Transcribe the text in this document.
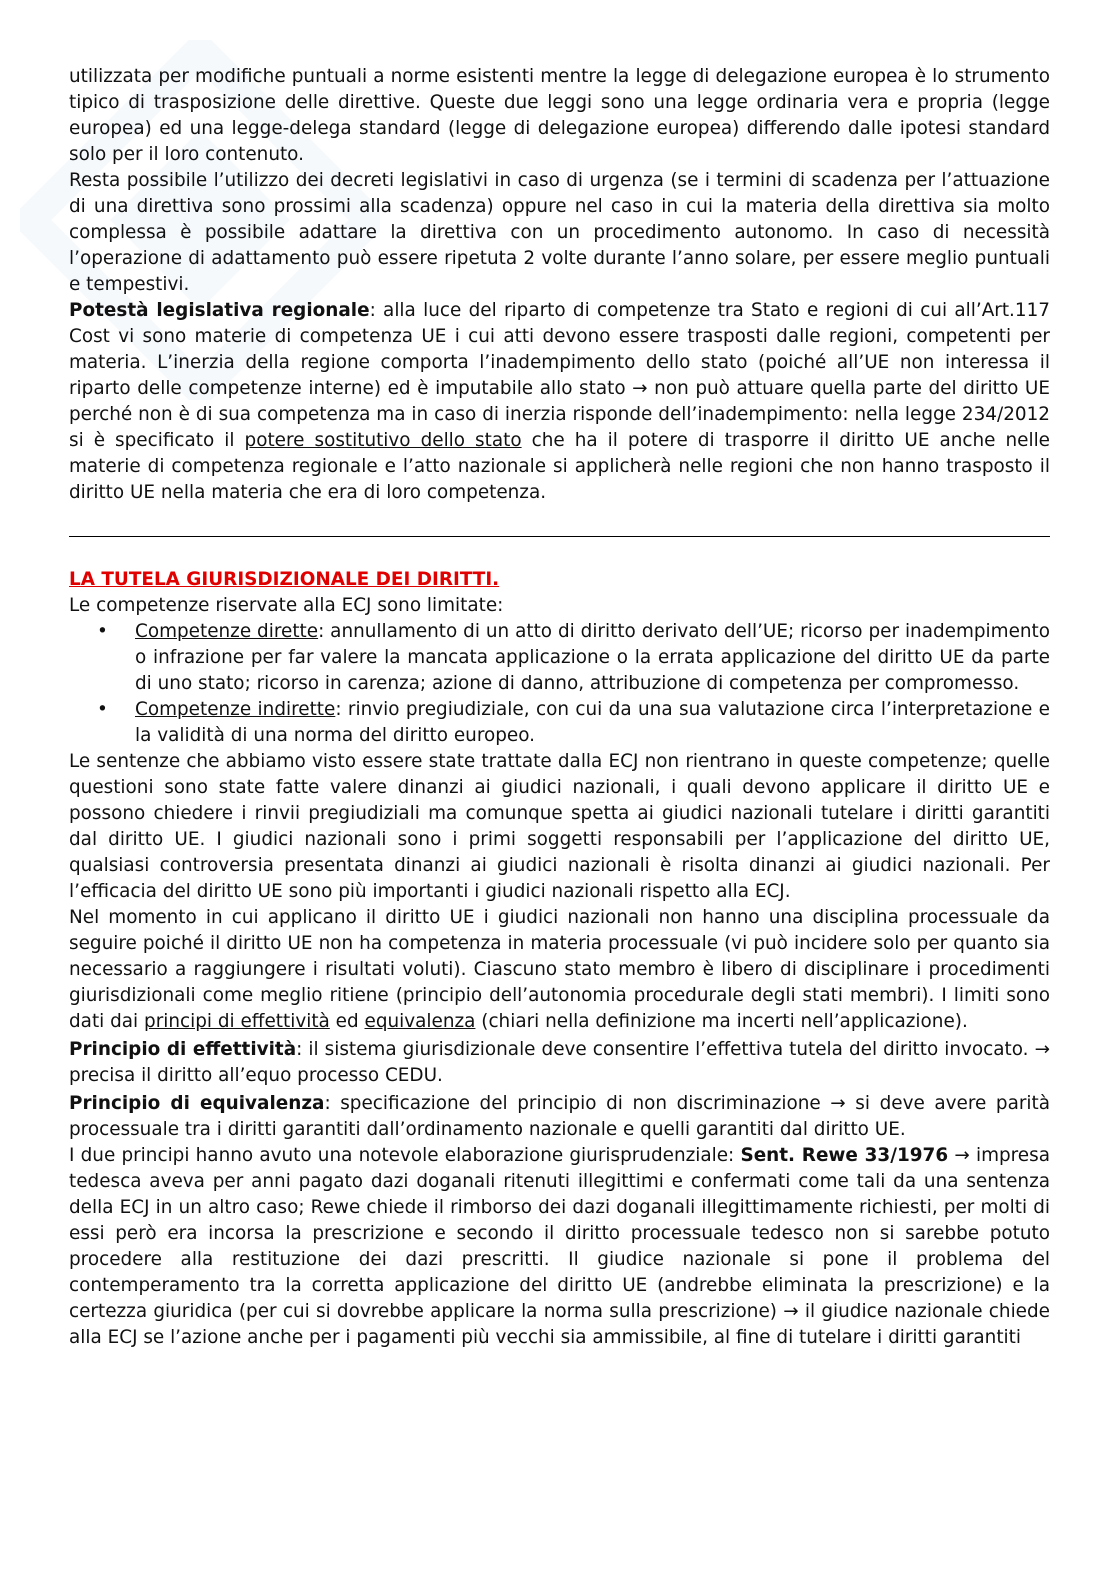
utilizzata per modifiche puntuali a norme esistenti mentre la legge di delegazione europea è lo strumento tipico di trasposizione delle direttive. Queste due leggi sono una legge ordinaria vera e propria (legge europea) ed una legge-delega standard (legge di delegazione europea) differendo dalle ipotesi standard solo per il loro contenuto.

Resta possibile l’utilizzo dei decreti legislativi in caso di urgenza (se i termini di scadenza per l’attuazione di una direttiva sono prossimi alla scadenza) oppure nel caso in cui la materia della direttiva sia molto complessa è possibile adattare la direttiva con un procedimento autonomo. In caso di necessità l’operazione di adattamento può essere ripetuta 2 volte durante l’anno solare, per essere meglio puntuali e tempestivi.

Potestà legislativa regionale: alla luce del riparto di competenze tra Stato e regioni di cui all’Art.117 Cost vi sono materie di competenza UE i cui atti devono essere trasposti dalle regioni, competenti per materia. L’inerzia della regione comporta l’inadempimento dello stato (poiché all’UE non interessa il riparto delle competenze interne) ed è imputabile allo stato → non può attuare quella parte del diritto UE perché non è di sua competenza ma in caso di inerzia risponde dell’inadempimento: nella legge 234/2012 si è specificato il potere sostitutivo dello stato che ha il potere di trasporre il diritto UE anche nelle materie di competenza regionale e l’atto nazionale si applicherà nelle regioni che non hanno trasposto il diritto UE nella materia che era di loro competenza.

LA TUTELA GIURISDIZIONALE DEI DIRITTI.

Le competenze riservate alla ECJ sono limitate:

• Competenze dirette: annullamento di un atto di diritto derivato dell’UE; ricorso per inadempimento o infrazione per far valere la mancata applicazione o la errata applicazione del diritto UE da parte di uno stato; ricorso in carenza; azione di danno, attribuzione di competenza per compromesso.
• Competenze indirette: rinvio pregiudiziale, con cui da una sua valutazione circa l’interpretazione e la validità di una norma del diritto europeo.

Le sentenze che abbiamo visto essere state trattate dalla ECJ non rientrano in queste competenze; quelle questioni sono state fatte valere dinanzi ai giudici nazionali, i quali devono applicare il diritto UE e possono chiedere i rinvii pregiudiziali ma comunque spetta ai giudici nazionali tutelare i diritti garantiti dal diritto UE. I giudici nazionali sono i primi soggetti responsabili per l’applicazione del diritto UE, qualsiasi controversia presentata dinanzi ai giudici nazionali è risolta dinanzi ai giudici nazionali. Per l’efficacia del diritto UE sono più importanti i giudici nazionali rispetto alla ECJ.

Nel momento in cui applicano il diritto UE i giudici nazionali non hanno una disciplina processuale da seguire poiché il diritto UE non ha competenza in materia processuale (vi può incidere solo per quanto sia necessario a raggiungere i risultati voluti). Ciascuno stato membro è libero di disciplinare i procedimenti giurisdizionali come meglio ritiene (principio dell’autonomia procedurale degli stati membri). I limiti sono dati dai principi di effettività ed equivalenza (chiari nella definizione ma incerti nell’applicazione).

Principio di effettività: il sistema giurisdizionale deve consentire l’effettiva tutela del diritto invocato. → precisa il diritto all’equo processo CEDU.

Principio di equivalenza: specificazione del principio di non discriminazione → si deve avere parità processuale tra i diritti garantiti dall’ordinamento nazionale e quelli garantiti dal diritto UE.

I due principi hanno avuto una notevole elaborazione giurisprudenziale: Sent. Rewe 33/1976 → impresa tedesca aveva per anni pagato dazi doganali ritenuti illegittimi e confermati come tali da una sentenza della ECJ in un altro caso; Rewe chiede il rimborso dei dazi doganali illegittimamente richiesti, per molti di essi però era incorsa la prescrizione e secondo il diritto processuale tedesco non si sarebbe potuto procedere alla restituzione dei dazi prescritti. Il giudice nazionale si pone il problema del contemperamento tra la corretta applicazione del diritto UE (andrebbe eliminata la prescrizione) e la certezza giuridica (per cui si dovrebbe applicare la norma sulla prescrizione) → il giudice nazionale chiede alla ECJ se l’azione anche per i pagamenti più vecchi sia ammissibile, al fine di tutelare i diritti garantiti
